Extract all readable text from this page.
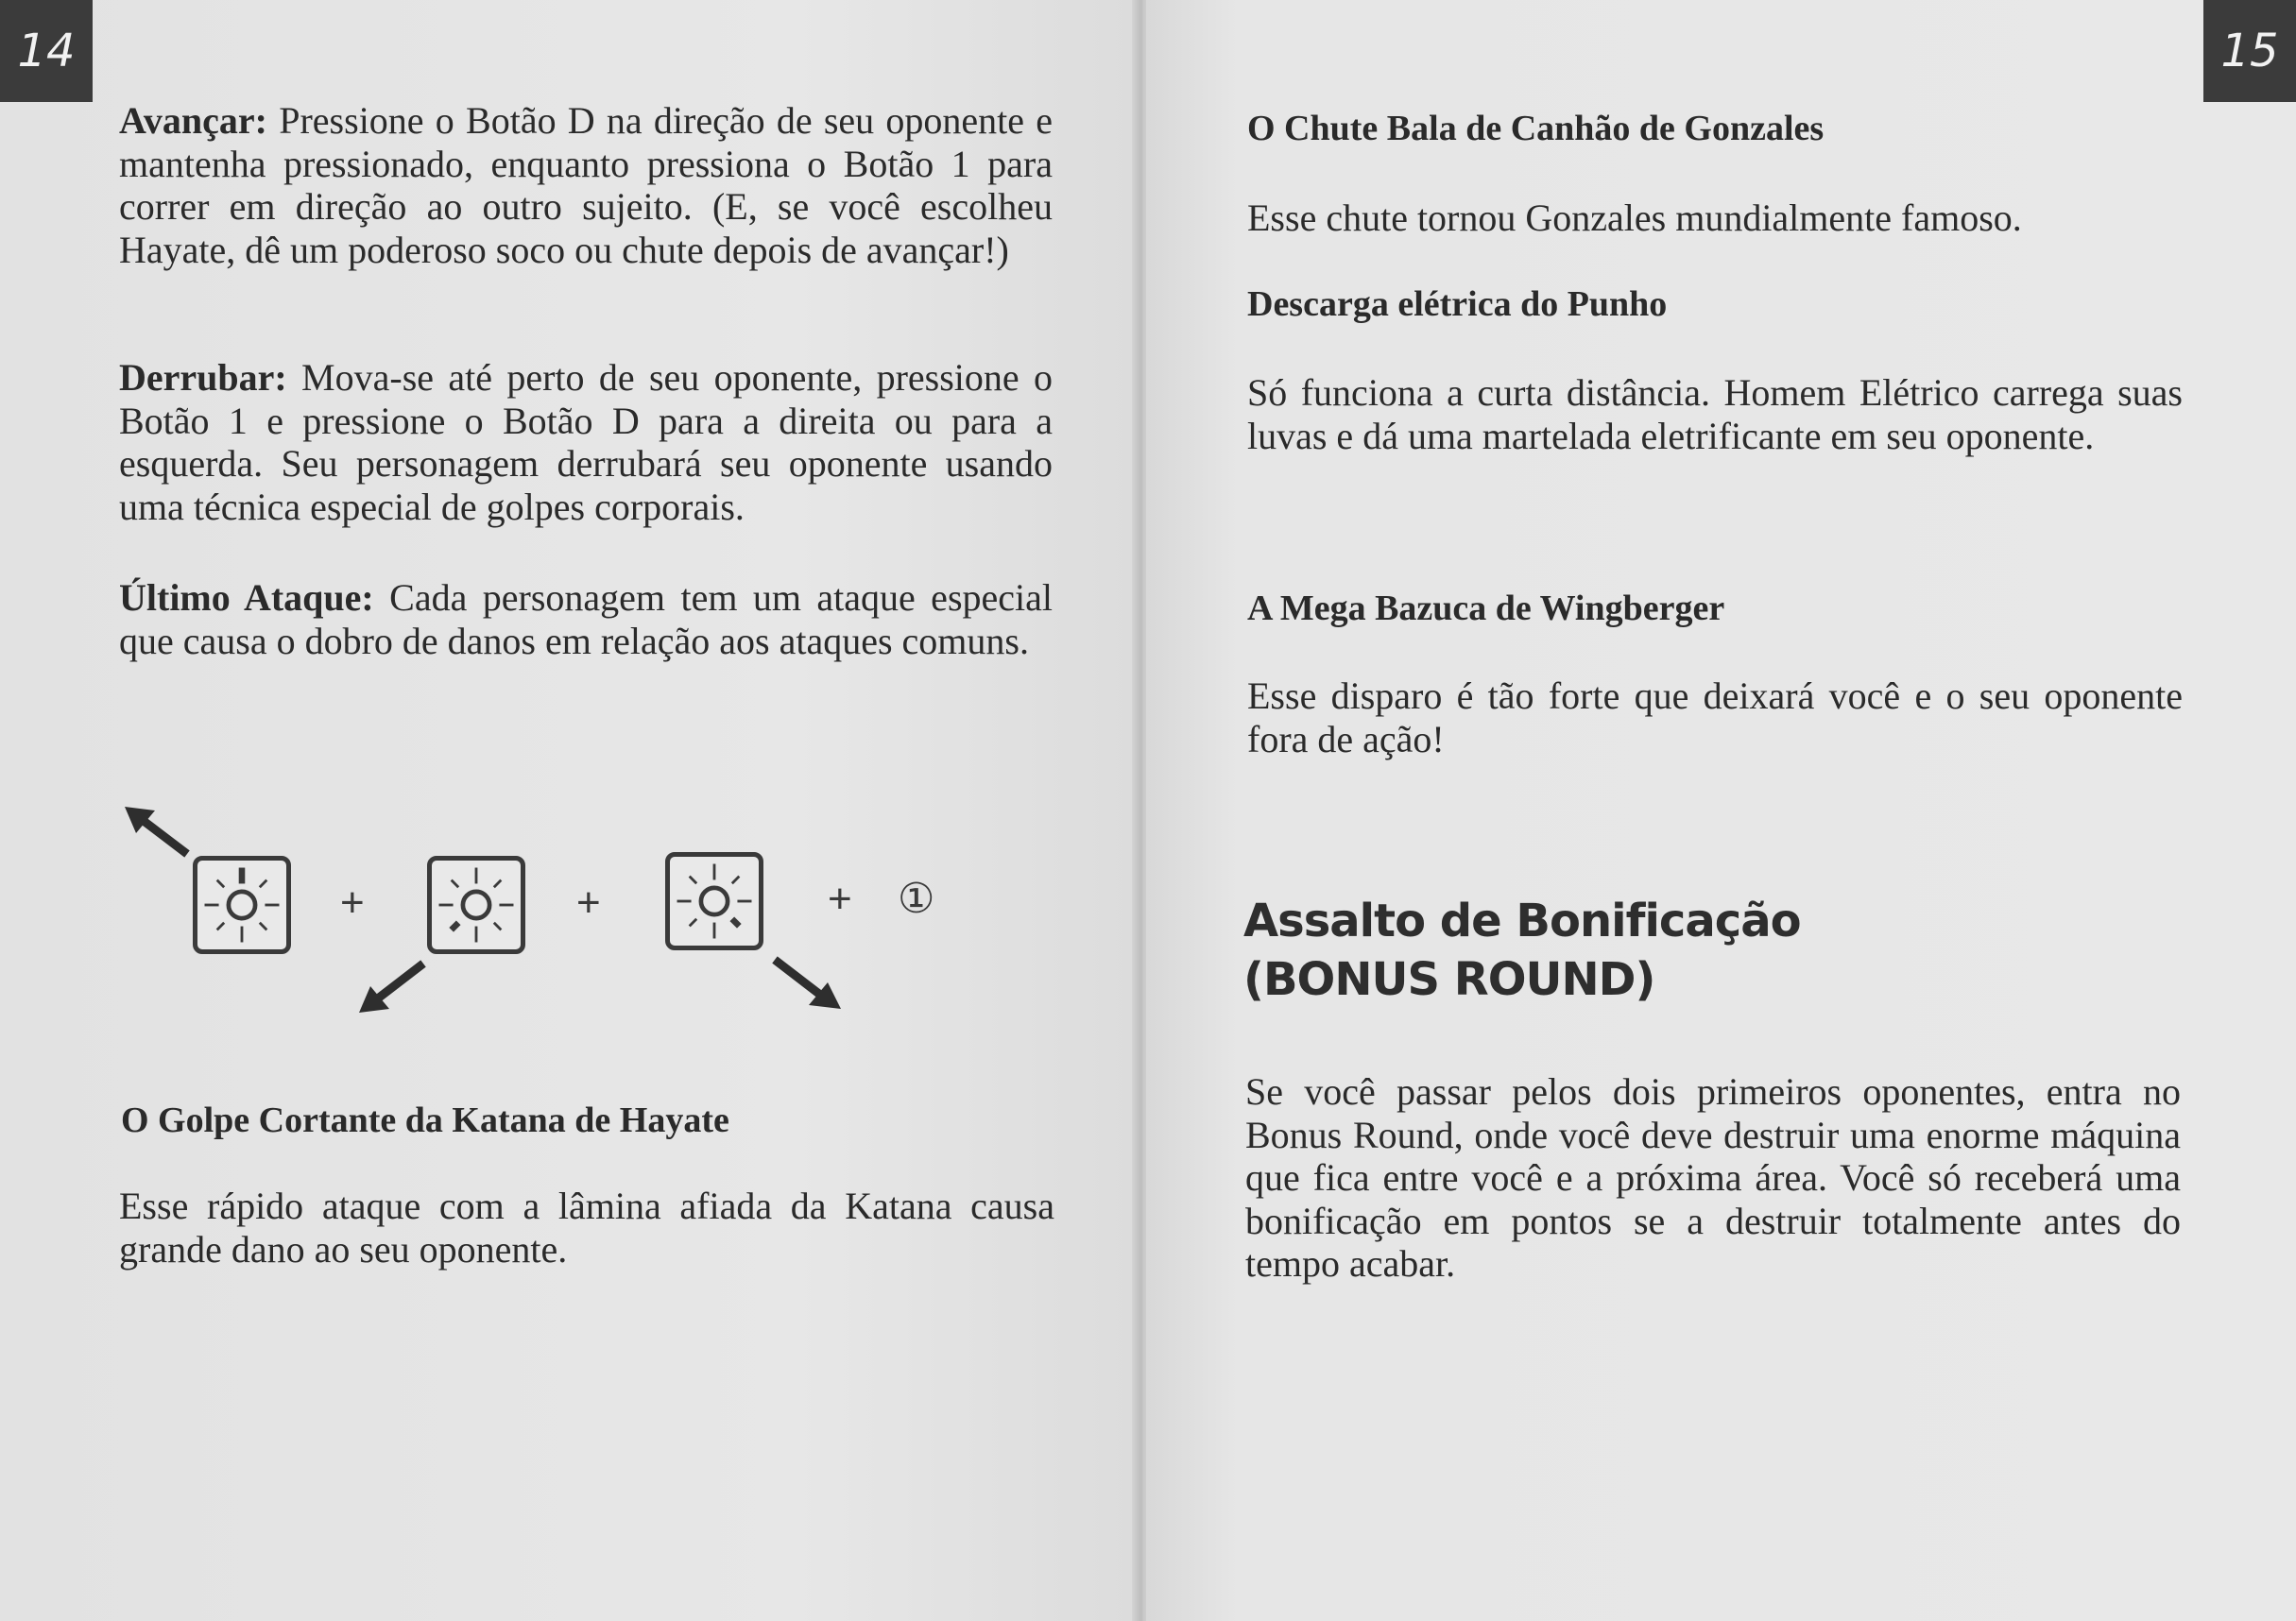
14

Avançar: Pressione o Botão D na direção de seu oponente e mantenha pressionado, enquanto pressiona o Botão 1 para correr em direção ao outro sujeito. (E, se você escolheu Hayate, dê um poderoso soco ou chute depois de avançar!)

Derrubar: Mova-se até perto de seu oponente, pressione o Botão 1 e pressione o Botão D para a direita ou para a esquerda. Seu personagem derrubará seu oponente usando uma técnica especial de golpes corporais.

Último Ataque: Cada personagem tem um ataque especial que causa o dobro de danos em relação aos ataques comuns.

+	+	+ ①

O Golpe Cortante da Katana de Hayate

Esse rápido ataque com a lâmina afiada da Katana causa grande dano ao seu oponente.

15

O Chute Bala de Canhão de Gonzales

Esse chute tornou Gonzales mundialmente famoso.

Descarga elétrica do Punho

Só funciona a curta distância. Homem Elétrico carrega suas luvas e dá uma martelada eletrificante em seu oponente.

A Mega Bazuca de Wingberger

Esse disparo é tão forte que deixará você e o seu oponente fora de ação!

Assalto de Bonificação
(BONUS ROUND)

Se você passar pelos dois primeiros oponentes, entra no Bonus Round, onde você deve destruir uma enorme máquina que fica entre você e a próxima área. Você só receberá uma bonificação em pontos se a destruir totalmente antes do tempo acabar.
